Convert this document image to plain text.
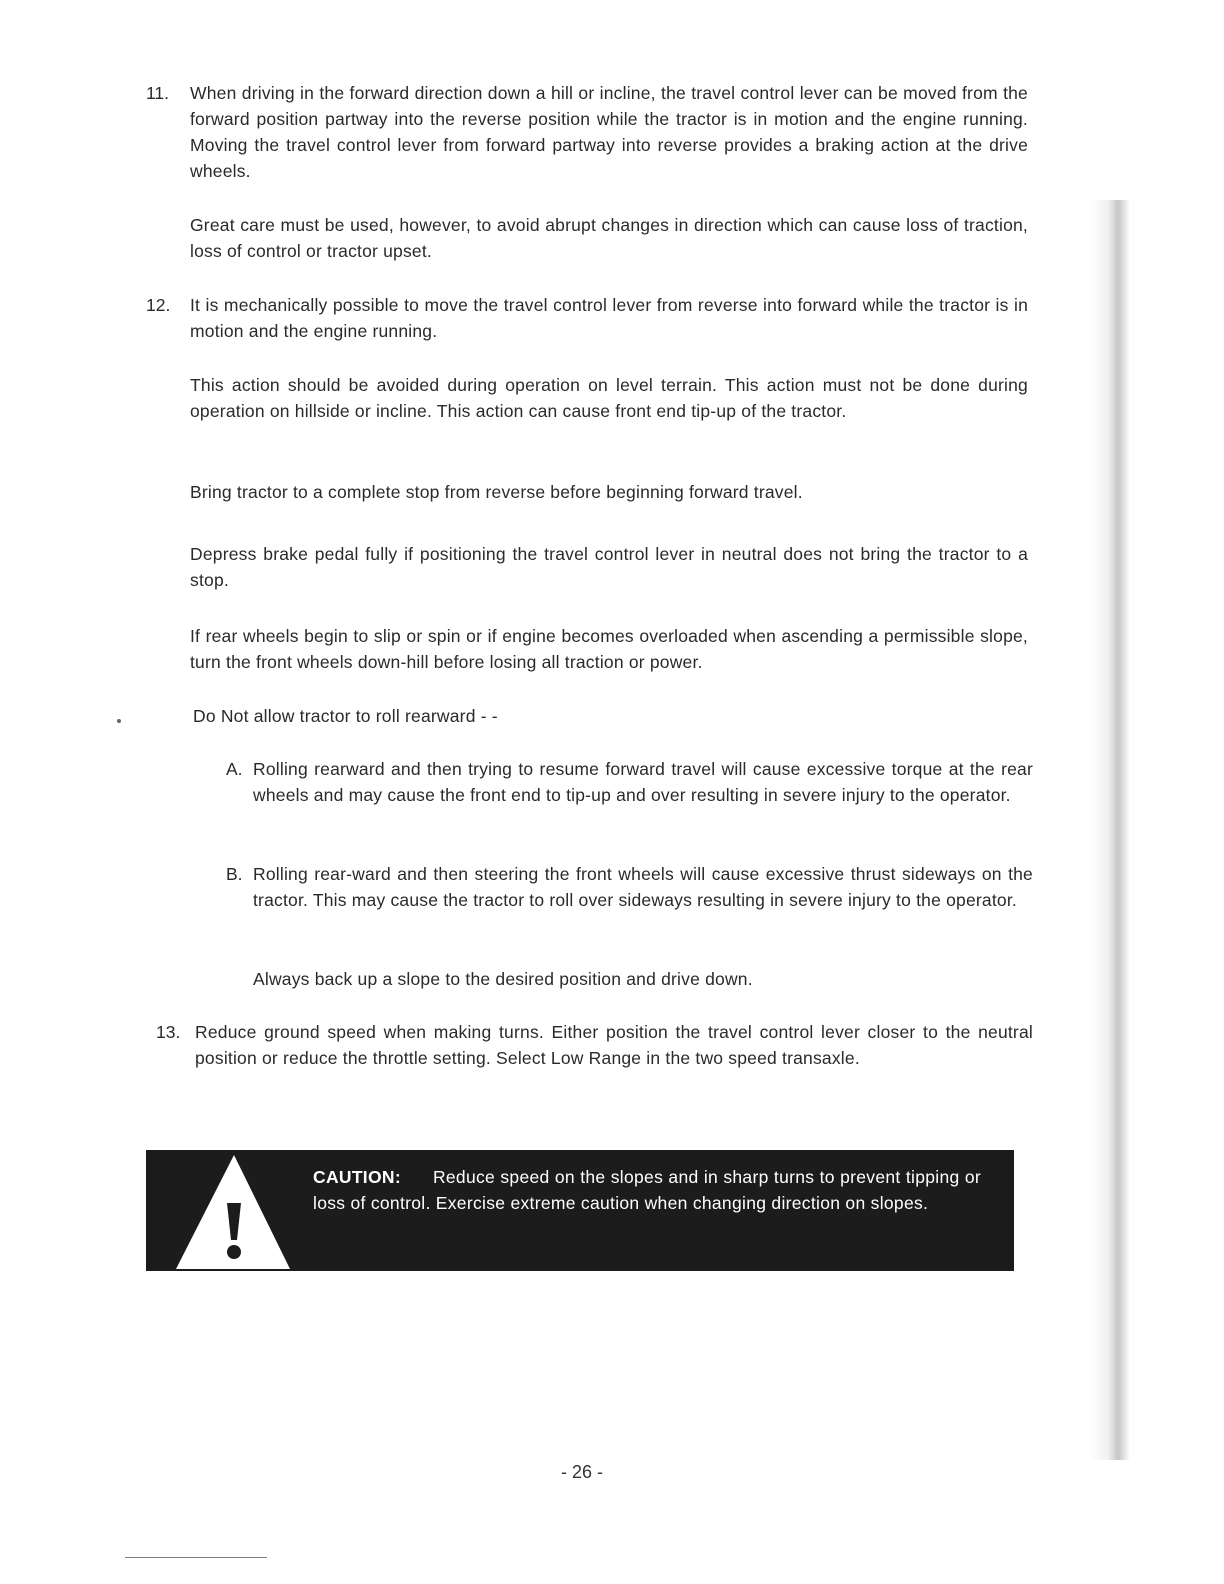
11. When driving in the forward direction down a hill or incline, the travel control lever can be moved from the forward position partway into the reverse position while the tractor is in motion and the engine running. Moving the travel control lever from forward partway into reverse provides a braking action at the drive wheels.

Great care must be used, however, to avoid abrupt changes in direction which can cause loss of traction, loss of control or tractor upset.

12. It is mechanically possible to move the travel control lever from reverse into forward while the tractor is in motion and the engine running.

This action should be avoided during operation on level terrain. This action must not be done during operation on hillside or incline. This action can cause front end tip-up of the tractor.

Bring tractor to a complete stop from reverse before beginning forward travel.

Depress brake pedal fully if positioning the travel control lever in neutral does not bring the tractor to a stop.

If rear wheels begin to slip or spin or if engine becomes overloaded when ascending a permissible slope, turn the front wheels down-hill before losing all traction or power.

Do Not allow tractor to roll rearward - -

A. Rolling rearward and then trying to resume forward travel will cause excessive torque at the rear wheels and may cause the front end to tip-up and over resulting in severe injury to the operator.

B. Rolling rear-ward and then steering the front wheels will cause excessive thrust sideways on the tractor. This may cause the tractor to roll over sideways resulting in severe injury to the operator.

Always back up a slope to the desired position and drive down.

13. Reduce ground speed when making turns. Either position the travel control lever closer to the neutral position or reduce the throttle setting. Select Low Range in the two speed transaxle.

CAUTION: Reduce speed on the slopes and in sharp turns to prevent tipping or loss of control. Exercise extreme caution when changing direction on slopes.
- 26 -
